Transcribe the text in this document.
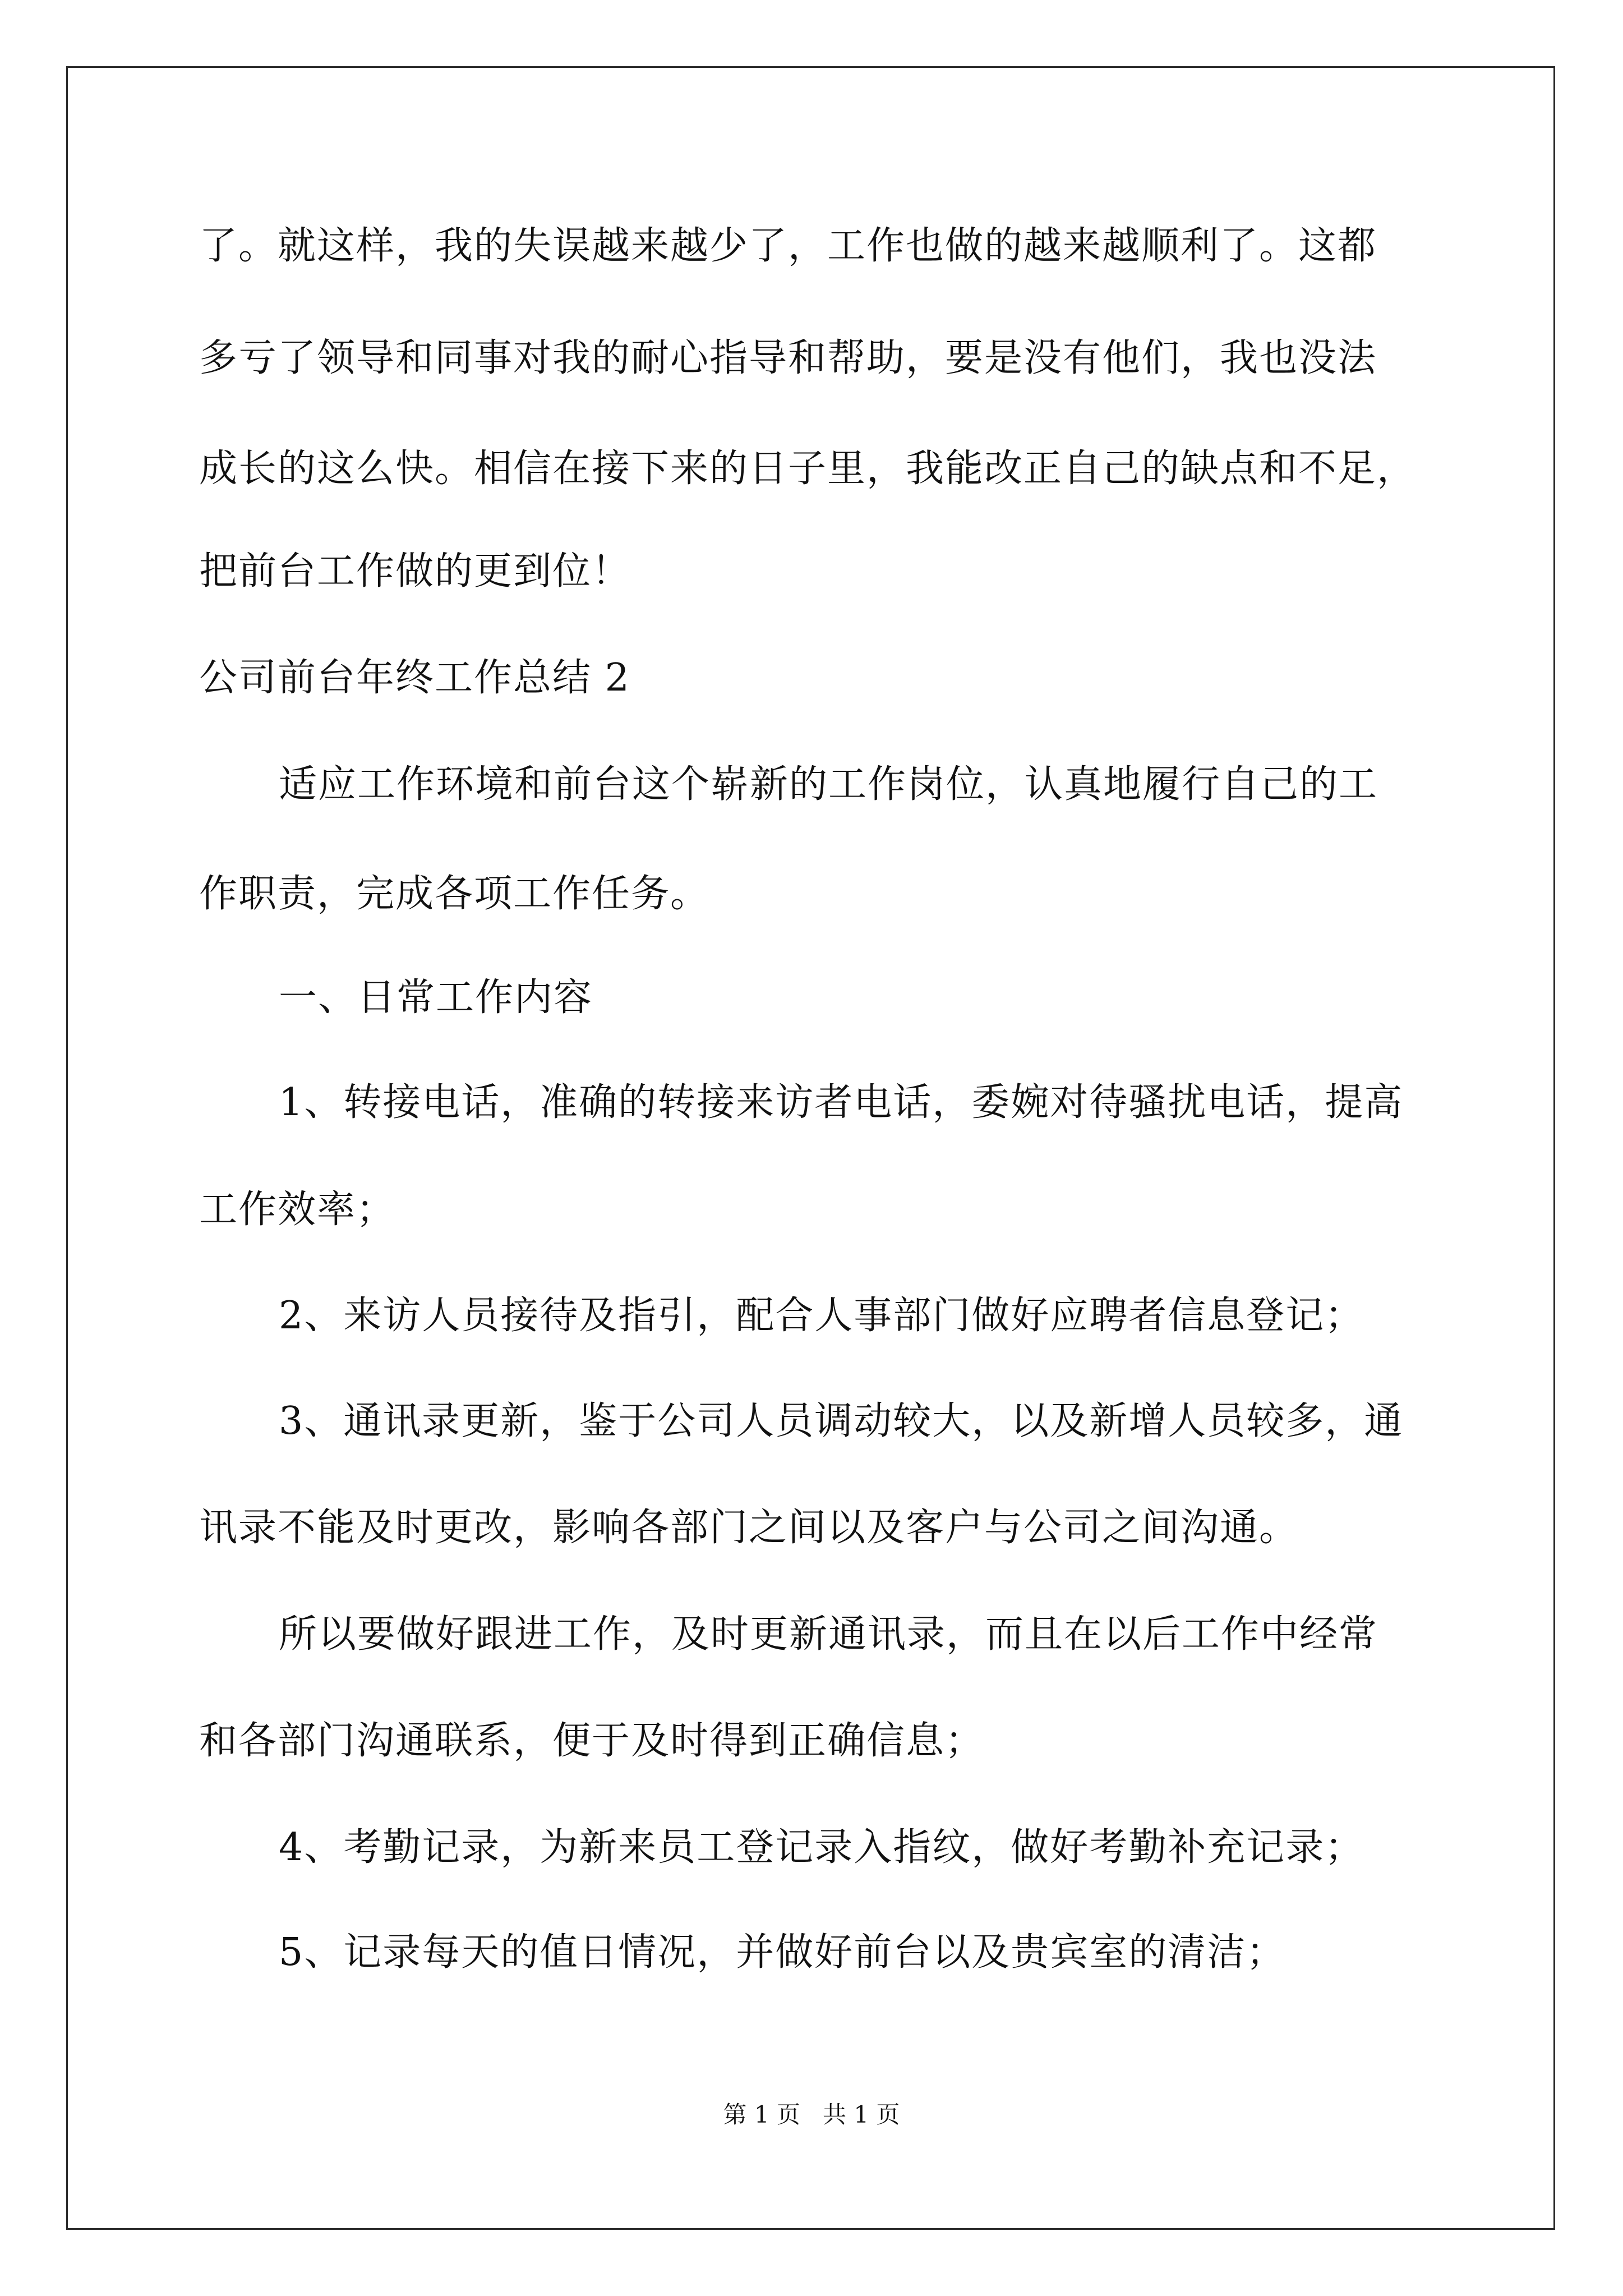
了。就这样，我的失误越来越少了，工作也做的越来越顺利了。这都
多亏了领导和同事对我的耐心指导和帮助，要是没有他们，我也没法
成长的这么快。相信在接下来的日子里，我能改正自己的缺点和不足，
把前台工作做的更到位！
公司前台年终工作总结 2
适应工作环境和前台这个崭新的工作岗位，认真地履行自己的工
作职责，完成各项工作任务。
一、日常工作内容
1、转接电话，准确的转接来访者电话，委婉对待骚扰电话，提高
工作效率；
2、来访人员接待及指引，配合人事部门做好应聘者信息登记；
3、通讯录更新，鉴于公司人员调动较大，以及新增人员较多，通
讯录不能及时更改，影响各部门之间以及客户与公司之间沟通。
所以要做好跟进工作，及时更新通讯录，而且在以后工作中经常
和各部门沟通联系，便于及时得到正确信息；
4、考勤记录，为新来员工登记录入指纹，做好考勤补充记录；
5、记录每天的值日情况，并做好前台以及贵宾室的清洁；
第 1 页   共 1 页
